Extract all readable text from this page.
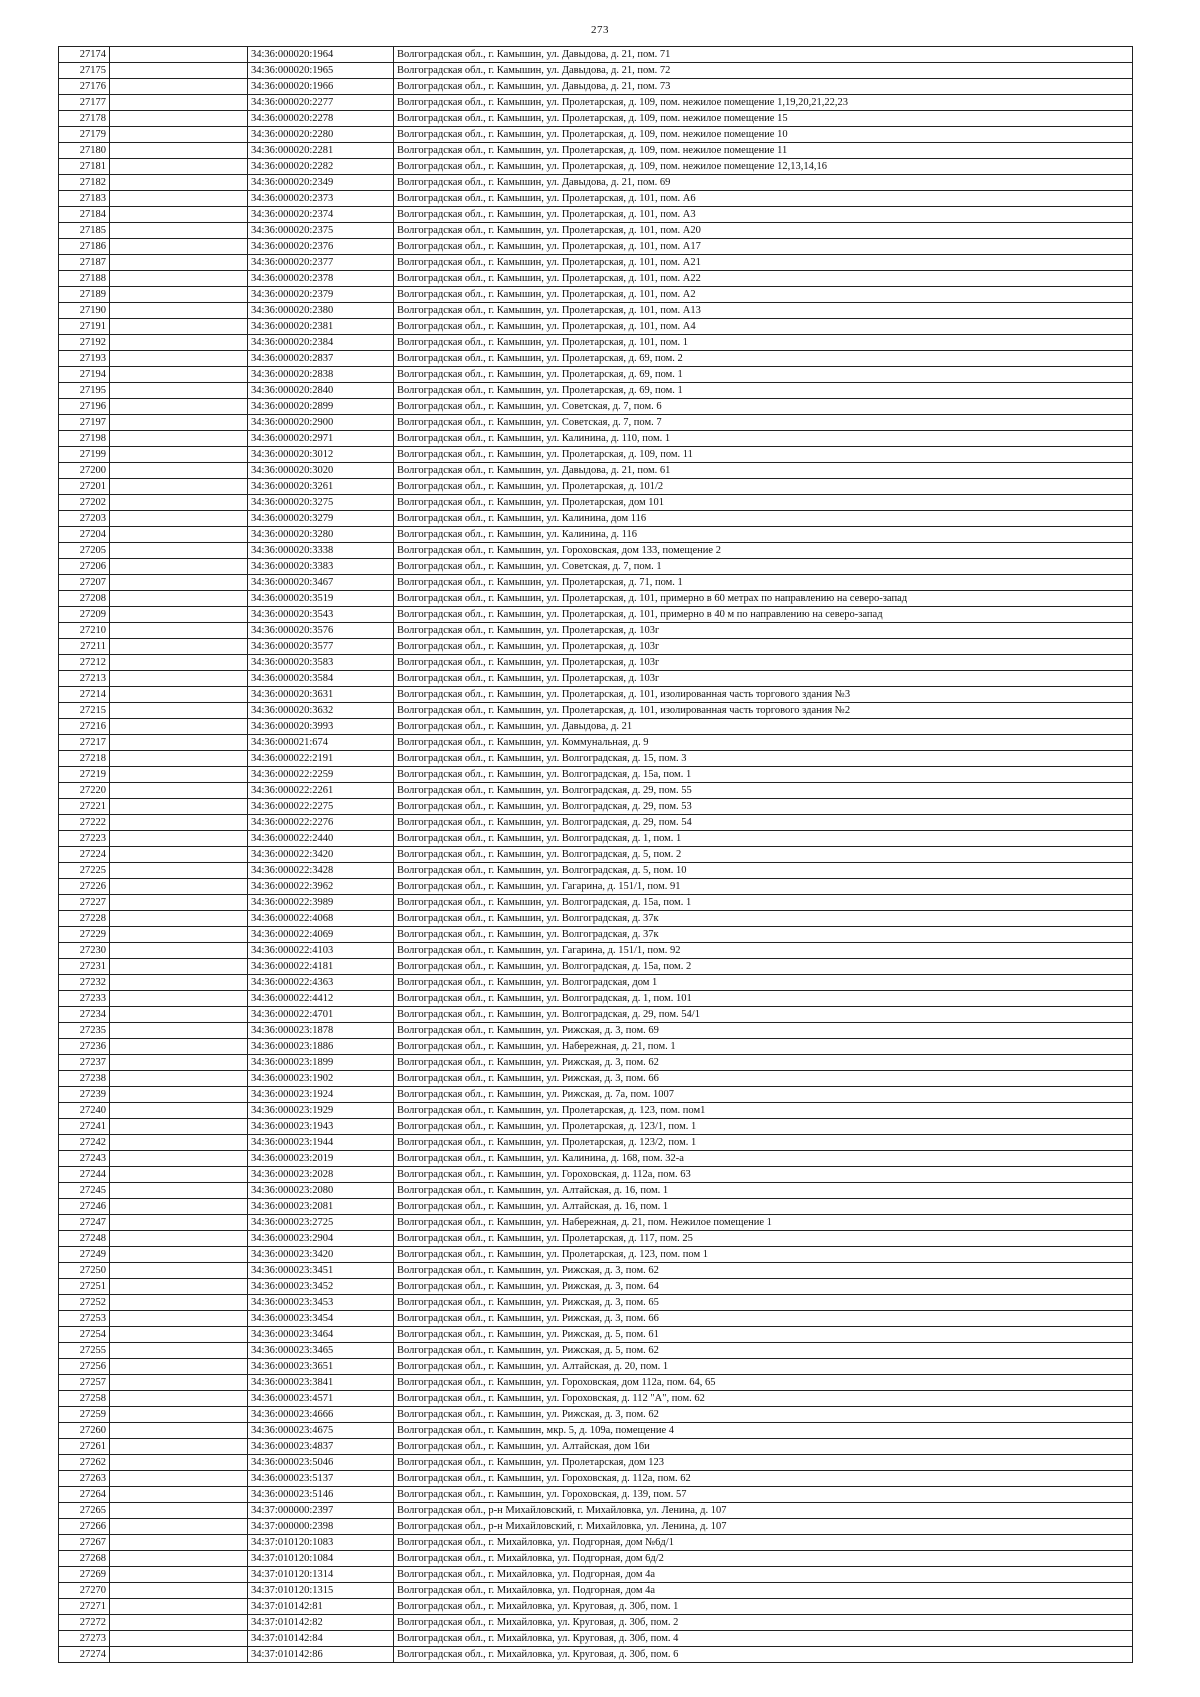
273
27174		34:36:000020:1964	Волгоградская обл., г. Камышин, ул. Давыдова, д. 21, пом. 71
27175		34:36:000020:1965	Волгоградская обл., г. Камышин, ул. Давыдова, д. 21, пом. 72
27176		34:36:000020:1966	Волгоградская обл., г. Камышин, ул. Давыдова, д. 21, пом. 73
27177		34:36:000020:2277	Волгоградская обл., г. Камышин, ул. Пролетарская, д. 109, пом. нежилое помещение 1,19,20,21,22,23
27178		34:36:000020:2278	Волгоградская обл., г. Камышин, ул. Пролетарская, д. 109, пом. нежилое помещение 15
27179		34:36:000020:2280	Волгоградская обл., г. Камышин, ул. Пролетарская, д. 109, пом. нежилое помещение 10
27180		34:36:000020:2281	Волгоградская обл., г. Камышин, ул. Пролетарская, д. 109, пом. нежилое помещение 11
27181		34:36:000020:2282	Волгоградская обл., г. Камышин, ул. Пролетарская, д. 109, пом. нежилое помещение 12,13,14,16
27182		34:36:000020:2349	Волгоградская обл., г. Камышин, ул. Давыдова, д. 21, пом. 69
27183		34:36:000020:2373	Волгоградская обл., г. Камышин, ул. Пролетарская, д. 101, пом. А6
27184		34:36:000020:2374	Волгоградская обл., г. Камышин, ул. Пролетарская, д. 101, пом. А3
27185		34:36:000020:2375	Волгоградская обл., г. Камышин, ул. Пролетарская, д. 101, пом. А20
27186		34:36:000020:2376	Волгоградская обл., г. Камышин, ул. Пролетарская, д. 101, пом. А17
27187		34:36:000020:2377	Волгоградская обл., г. Камышин, ул. Пролетарская, д. 101, пом. А21
27188		34:36:000020:2378	Волгоградская обл., г. Камышин, ул. Пролетарская, д. 101, пом. А22
27189		34:36:000020:2379	Волгоградская обл., г. Камышин, ул. Пролетарская, д. 101, пом. А2
27190		34:36:000020:2380	Волгоградская обл., г. Камышин, ул. Пролетарская, д. 101, пом. А13
27191		34:36:000020:2381	Волгоградская обл., г. Камышин, ул. Пролетарская, д. 101, пом. А4
27192		34:36:000020:2384	Волгоградская обл., г. Камышин, ул. Пролетарская, д. 101, пом. 1
27193		34:36:000020:2837	Волгоградская обл., г. Камышин, ул. Пролетарская, д. 69, пом. 2
27194		34:36:000020:2838	Волгоградская обл., г. Камышин, ул. Пролетарская, д. 69, пом. 1
27195		34:36:000020:2840	Волгоградская обл., г. Камышин, ул. Пролетарская, д. 69, пом. 1
27196		34:36:000020:2899	Волгоградская обл., г. Камышин, ул. Советская, д. 7, пом. 6
27197		34:36:000020:2900	Волгоградская обл., г. Камышин, ул. Советская, д. 7, пом. 7
27198		34:36:000020:2971	Волгоградская обл., г. Камышин, ул. Калинина, д. 110, пом. 1
27199		34:36:000020:3012	Волгоградская обл., г. Камышин, ул. Пролетарская, д. 109, пом. 11
27200		34:36:000020:3020	Волгоградская обл., г. Камышин, ул. Давыдова, д. 21, пом. 61
27201		34:36:000020:3261	Волгоградская обл., г. Камышин, ул. Пролетарская, д. 101/2
27202		34:36:000020:3275	Волгоградская обл., г. Камышин, ул. Пролетарская, дом 101
27203		34:36:000020:3279	Волгоградская обл., г. Камышин, ул. Калинина, дом 116
27204		34:36:000020:3280	Волгоградская обл., г. Камышин, ул. Калинина, д. 116
27205		34:36:000020:3338	Волгоградская обл., г. Камышин, ул. Гороховская, дом 133, помещение 2
27206		34:36:000020:3383	Волгоградская обл., г. Камышин, ул. Советская, д. 7, пом. 1
27207		34:36:000020:3467	Волгоградская обл., г. Камышин, ул. Пролетарская, д. 71, пом. 1
27208		34:36:000020:3519	Волгоградская обл., г. Камышин, ул. Пролетарская, д. 101, примерно в 60 метрах по направлению на северо-запад
27209		34:36:000020:3543	Волгоградская обл., г. Камышин, ул. Пролетарская, д. 101, примерно в 40 м по направлению на северо-запад
27210		34:36:000020:3576	Волгоградская обл., г. Камышин, ул. Пролетарская, д. 103г
27211		34:36:000020:3577	Волгоградская обл., г. Камышин, ул. Пролетарская, д. 103г
27212		34:36:000020:3583	Волгоградская обл., г. Камышин, ул. Пролетарская, д. 103г
27213		34:36:000020:3584	Волгоградская обл., г. Камышин, ул. Пролетарская, д. 103г
27214		34:36:000020:3631	Волгоградская обл., г. Камышин, ул. Пролетарская, д. 101, изолированная часть торгового здания №3
27215		34:36:000020:3632	Волгоградская обл., г. Камышин, ул. Пролетарская, д. 101, изолированная часть торгового здания №2
27216		34:36:000020:3993	Волгоградская обл., г. Камышин, ул. Давыдова, д. 21
27217		34:36:000021:674	Волгоградская обл., г. Камышин, ул. Коммунальная, д. 9
27218		34:36:000022:2191	Волгоградская обл., г. Камышин, ул. Волгоградская, д. 15, пом. 3
27219		34:36:000022:2259	Волгоградская обл., г. Камышин, ул. Волгоградская, д. 15а, пом. 1
27220		34:36:000022:2261	Волгоградская обл., г. Камышин, ул. Волгоградская, д. 29, пом. 55
27221		34:36:000022:2275	Волгоградская обл., г. Камышин, ул. Волгоградская, д. 29, пом. 53
27222		34:36:000022:2276	Волгоградская обл., г. Камышин, ул. Волгоградская, д. 29, пом. 54
27223		34:36:000022:2440	Волгоградская обл., г. Камышин, ул. Волгоградская, д. 1, пом. 1
27224		34:36:000022:3420	Волгоградская обл., г. Камышин, ул. Волгоградская, д. 5, пом. 2
27225		34:36:000022:3428	Волгоградская обл., г. Камышин, ул. Волгоградская, д. 5, пом. 10
27226		34:36:000022:3962	Волгоградская обл., г. Камышин, ул. Гагарина, д. 151/1, пом. 91
27227		34:36:000022:3989	Волгоградская обл., г. Камышин, ул. Волгоградская, д. 15а, пом. 1
27228		34:36:000022:4068	Волгоградская обл., г. Камышин, ул. Волгоградская, д. 37к
27229		34:36:000022:4069	Волгоградская обл., г. Камышин, ул. Волгоградская, д. 37к
27230		34:36:000022:4103	Волгоградская обл., г. Камышин, ул. Гагарина, д. 151/1, пом. 92
27231		34:36:000022:4181	Волгоградская обл., г. Камышин, ул. Волгоградская, д. 15а, пом. 2
27232		34:36:000022:4363	Волгоградская обл., г. Камышин, ул. Волгоградская, дом 1
27233		34:36:000022:4412	Волгоградская обл., г. Камышин, ул. Волгоградская, д. 1, пом. 101
27234		34:36:000022:4701	Волгоградская обл., г. Камышин, ул. Волгоградская, д. 29, пом. 54/1
27235		34:36:000023:1878	Волгоградская обл., г. Камышин, ул. Рижская, д. 3, пом. 69
27236		34:36:000023:1886	Волгоградская обл., г. Камышин, ул. Набережная, д. 21, пом. 1
27237		34:36:000023:1899	Волгоградская обл., г. Камышин, ул. Рижская, д. 3, пом. 62
27238		34:36:000023:1902	Волгоградская обл., г. Камышин, ул. Рижская, д. 3, пом. 66
27239		34:36:000023:1924	Волгоградская обл., г. Камышин, ул. Рижская, д. 7а, пом. 1007
27240		34:36:000023:1929	Волгоградская обл., г. Камышин, ул. Пролетарская, д. 123, пом. пом1
27241		34:36:000023:1943	Волгоградская обл., г. Камышин, ул. Пролетарская, д. 123/1, пом. 1
27242		34:36:000023:1944	Волгоградская обл., г. Камышин, ул. Пролетарская, д. 123/2, пом. 1
27243		34:36:000023:2019	Волгоградская обл., г. Камышин, ул. Калинина, д. 168, пом. 32-а
27244		34:36:000023:2028	Волгоградская обл., г. Камышин, ул. Гороховская, д. 112а, пом. 63
27245		34:36:000023:2080	Волгоградская обл., г. Камышин, ул. Алтайская, д. 16, пом. 1
27246		34:36:000023:2081	Волгоградская обл., г. Камышин, ул. Алтайская, д. 16, пом. 1
27247		34:36:000023:2725	Волгоградская обл., г. Камышин, ул. Набережная, д. 21, пом. Нежилое помещение 1
27248		34:36:000023:2904	Волгоградская обл., г. Камышин, ул. Пролетарская, д. 117, пом. 25
27249		34:36:000023:3420	Волгоградская обл., г. Камышин, ул. Пролетарская, д. 123, пом. пом 1
27250		34:36:000023:3451	Волгоградская обл., г. Камышин, ул. Рижская, д. 3, пом. 62
27251		34:36:000023:3452	Волгоградская обл., г. Камышин, ул. Рижская, д. 3, пом. 64
27252		34:36:000023:3453	Волгоградская обл., г. Камышин, ул. Рижская, д. 3, пом. 65
27253		34:36:000023:3454	Волгоградская обл., г. Камышин, ул. Рижская, д. 3, пом. 66
27254		34:36:000023:3464	Волгоградская обл., г. Камышин, ул. Рижская, д. 5, пом. 61
27255		34:36:000023:3465	Волгоградская обл., г. Камышин, ул. Рижская, д. 5, пом. 62
27256		34:36:000023:3651	Волгоградская обл., г. Камышин, ул. Алтайская, д. 20, пом. 1
27257		34:36:000023:3841	Волгоградская обл., г. Камышин, ул. Гороховская, дом 112а, пом. 64, 65
27258		34:36:000023:4571	Волгоградская обл., г. Камышин, ул. Гороховская, д. 112 "А", пом. 62
27259		34:36:000023:4666	Волгоградская обл., г. Камышин, ул. Рижская, д. 3, пом. 62
27260		34:36:000023:4675	Волгоградская обл., г. Камышин, мкр. 5, д. 109а, помещение 4
27261		34:36:000023:4837	Волгоградская обл., г. Камышин, ул. Алтайская, дом 16и
27262		34:36:000023:5046	Волгоградская обл., г. Камышин, ул. Пролетарская, дом 123
27263		34:36:000023:5137	Волгоградская обл., г. Камышин, ул. Гороховская, д. 112а, пом. 62
27264		34:36:000023:5146	Волгоградская обл., г. Камышин, ул. Гороховская, д. 139, пом. 57
27265		34:37:000000:2397	Волгоградская обл., р-н Михайловский, г. Михайловка, ул. Ленина, д. 107
27266		34:37:000000:2398	Волгоградская обл., р-н Михайловский, г. Михайловка, ул. Ленина, д. 107
27267		34:37:010120:1083	Волгоградская обл., г. Михайловка, ул. Подгорная, дом №6д/1
27268		34:37:010120:1084	Волгоградская обл., г. Михайловка, ул. Подгорная, дом 6д/2
27269		34:37:010120:1314	Волгоградская обл., г. Михайловка, ул. Подгорная, дом 4а
27270		34:37:010120:1315	Волгоградская обл., г. Михайловка, ул. Подгорная, дом 4а
27271		34:37:010142:81	Волгоградская обл., г. Михайловка, ул. Круговая, д. 30б, пом. 1
27272		34:37:010142:82	Волгоградская обл., г. Михайловка, ул. Круговая, д. 30б, пом. 2
27273		34:37:010142:84	Волгоградская обл., г. Михайловка, ул. Круговая, д. 30б, пом. 4
27274		34:37:010142:86	Волгоградская обл., г. Михайловка, ул. Круговая, д. 30б, пом. 6
